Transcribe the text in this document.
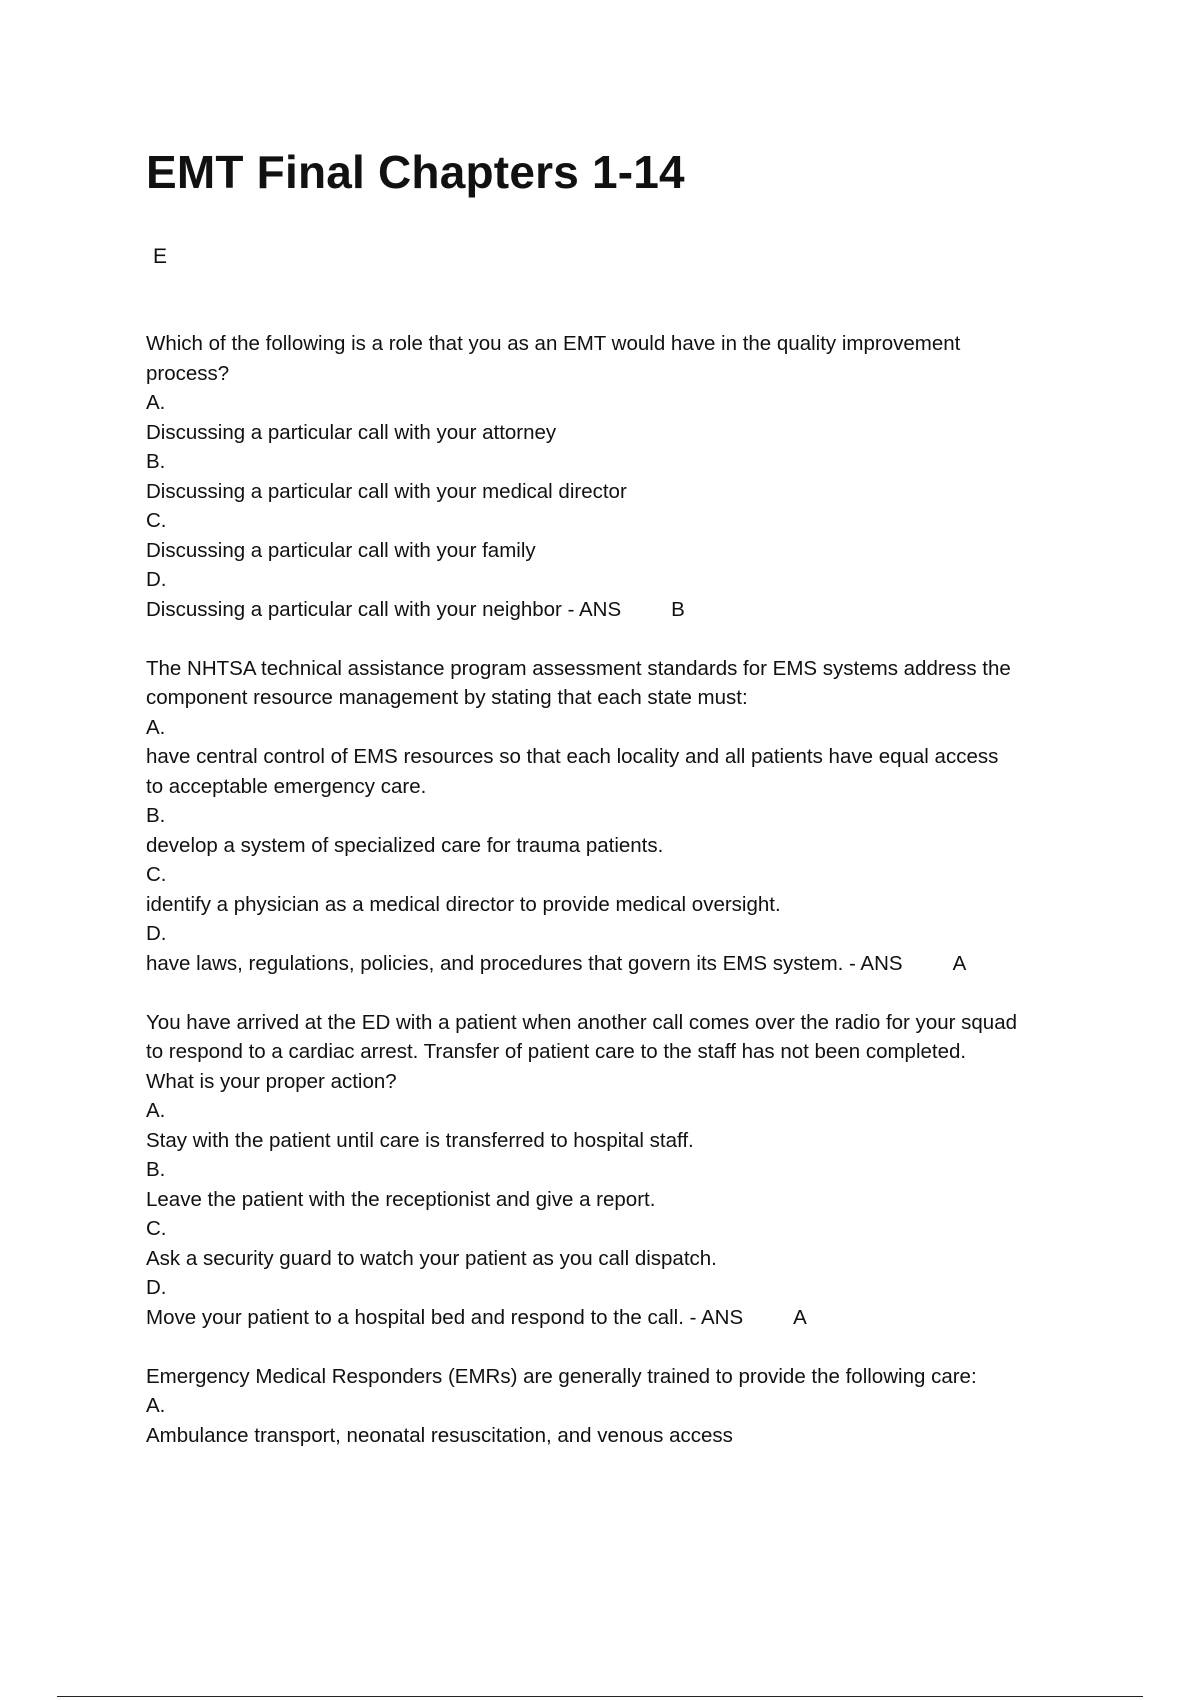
EMT Final Chapters 1-14
E
Which of the following is a role that you as an EMT would have in the quality improvement
process?
A.
Discussing a particular call with your attorney
B.
Discussing a particular call with your medical director
C.
Discussing a particular call with your family
D.
Discussing a particular call with your neighbor - ANS B
The NHTSA technical assistance program assessment standards for EMS systems address the
component resource management by stating that each state must:
A.
have central control of EMS resources so that each locality and all patients have equal access
to acceptable emergency care.
B.
develop a system of specialized care for trauma patients.
C.
identify a physician as a medical director to provide medical oversight.
D.
have laws, regulations, policies, and procedures that govern its EMS system. - ANS A
You have arrived at the ED with a patient when another call comes over the radio for your squad
to respond to a cardiac arrest. Transfer of patient care to the staff has not been completed.
What is your proper action?
A.
Stay with the patient until care is transferred to hospital staff.
B.
Leave the patient with the receptionist and give a report.
C.
Ask a security guard to watch your patient as you call dispatch.
D.
Move your patient to a hospital bed and respond to the call. - ANS A
Emergency Medical Responders (EMRs) are generally trained to provide the following care:
A.
Ambulance transport, neonatal resuscitation, and venous access
